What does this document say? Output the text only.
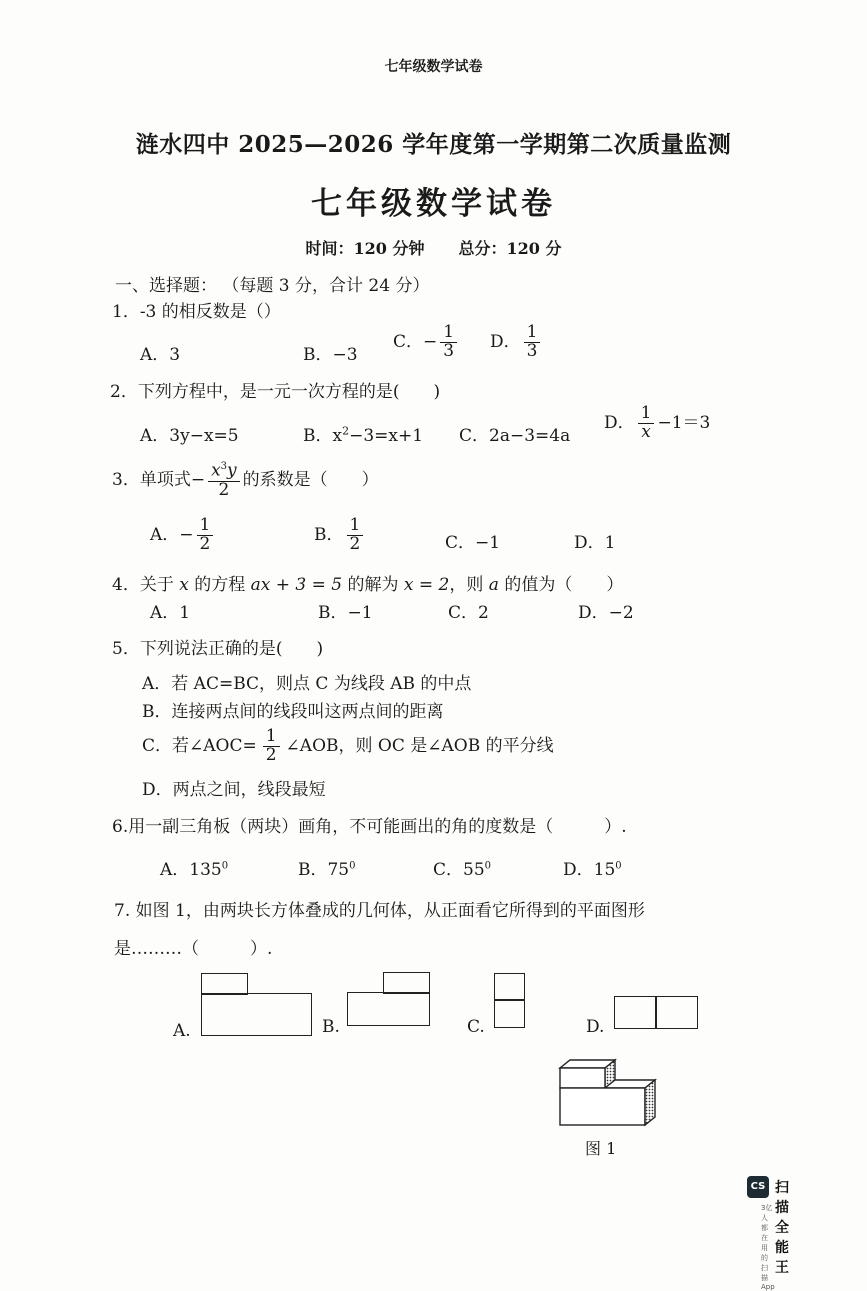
七年级数学试卷
涟水四中 2025—2026 学年度第一学期第二次质量监测
七年级数学试卷
时间：120 分钟 总分：120 分
一、选择题： （每题 3 分，合计 24 分）
1．-3 的相反数是（）
A．3	B．−3
C．− $\frac{1}{3}$ D． $\frac{1}{3}$
2．下列方程中，是一元一次方程的是(　　)
A．3y−x=5	B．$x^2-3=x+1$ C．2a−3=4a
D． $\frac{1}{x} -1=3$
3．单项式− $\frac{x^3y}{2}$ 的系数是（　　）
A．− $\frac{1}{2}$	B． $\frac{1}{2}$	C．−1	D．1
4．关于 x 的方程 ax + 3 = 5 的解为 x = 2，则 a 的值为（　　）
A．1	B．−1	C．2	D．−2
5．下列说法正确的是(　　)
A．若 AC=BC，则点 C 为线段 AB 的中点
B．连接两点间的线段叫这两点间的距离
C．若∠AOC= $\frac{1}{2}$ ∠AOB，则 OC 是∠AOB 的平分线
D．两点之间，线段最短
6.用一副三角板（两块）画角，不可能画出的角的度数是（　　　）.
A．$135^0$	B．$75^0$	C．$55^0$	D．$15^0$
7. 如图 1，由两块长方体叠成的几何体，从正面看它所得到的平面图形
是………（　　　）.
A.	B.	C.	D.
图 1
CS 扫描全能王
3亿人都在用的扫描App
